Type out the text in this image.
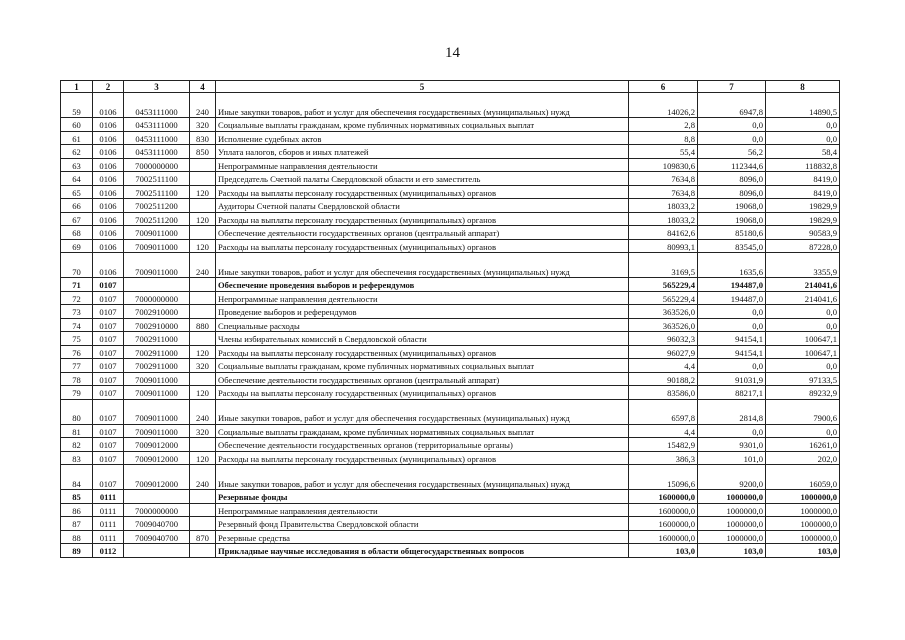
14
1	2	3	4	5	6	7	8
59	0106	0453111000	240	Иные закупки товаров, работ и услуг для обеспечения государственных (муниципальных) нужд	14026,2	6947,8	14890,5
60	0106	0453111000	320	Социальные выплаты гражданам, кроме публичных нормативных социальных выплат	2,8	0,0	0,0
61	0106	0453111000	830	Исполнение судебных актов	8,8	0,0	0,0
62	0106	0453111000	850	Уплата налогов, сборов и иных платежей	55,4	56,2	58,4
63	0106	7000000000		Непрограммные направления деятельности	109830,6	112344,6	118832,8
64	0106	7002511100		Председатель Счетной палаты Свердловской области и его заместитель	7634,8	8096,0	8419,0
65	0106	7002511100	120	Расходы на выплаты персоналу государственных (муниципальных) органов	7634,8	8096,0	8419,0
66	0106	7002511200		Аудиторы Счетной палаты Свердловской области	18033,2	19068,0	19829,9
67	0106	7002511200	120	Расходы на выплаты персоналу государственных (муниципальных) органов	18033,2	19068,0	19829,9
68	0106	7009011000		Обеспечение деятельности государственных органов (центральный аппарат)	84162,6	85180,6	90583,9
69	0106	7009011000	120	Расходы на выплаты персоналу государственных (муниципальных) органов	80993,1	83545,0	87228,0
70	0106	7009011000	240	Иные закупки товаров, работ и услуг для обеспечения государственных (муниципальных) нужд	3169,5	1635,6	3355,9
71	0107			Обеспечение проведения выборов и референдумов	565229,4	194487,0	214041,6
72	0107	7000000000		Непрограммные направления деятельности	565229,4	194487,0	214041,6
73	0107	7002910000		Проведение выборов и референдумов	363526,0	0,0	0,0
74	0107	7002910000	880	Специальные расходы	363526,0	0,0	0,0
75	0107	7002911000		Члены избирательных комиссий в Свердловской области	96032,3	94154,1	100647,1
76	0107	7002911000	120	Расходы на выплаты персоналу государственных (муниципальных) органов	96027,9	94154,1	100647,1
77	0107	7002911000	320	Социальные выплаты гражданам, кроме публичных нормативных социальных выплат	4,4	0,0	0,0
78	0107	7009011000		Обеспечение деятельности государственных органов (центральный аппарат)	90188,2	91031,9	97133,5
79	0107	7009011000	120	Расходы на выплаты персоналу государственных (муниципальных) органов	83586,0	88217,1	89232,9
80	0107	7009011000	240	Иные закупки товаров, работ и услуг для обеспечения государственных (муниципальных) нужд	6597,8	2814,8	7900,6
81	0107	7009011000	320	Социальные выплаты гражданам, кроме публичных нормативных социальных выплат	4,4	0,0	0,0
82	0107	7009012000		Обеспечение деятельности государственных органов (территориальные органы)	15482,9	9301,0	16261,0
83	0107	7009012000	120	Расходы на выплаты персоналу государственных (муниципальных) органов	386,3	101,0	202,0
84	0107	7009012000	240	Иные закупки товаров, работ и услуг для обеспечения государственных (муниципальных) нужд	15096,6	9200,0	16059,0
85	0111			Резервные фонды	1600000,0	1000000,0	1000000,0
86	0111	7000000000		Непрограммные направления деятельности	1600000,0	1000000,0	1000000,0
87	0111	7009040700		Резервный фонд Правительства Свердловской области	1600000,0	1000000,0	1000000,0
88	0111	7009040700	870	Резервные средства	1600000,0	1000000,0	1000000,0
89	0112			Прикладные научные исследования в области общегосударственных вопросов	103,0	103,0	103,0
